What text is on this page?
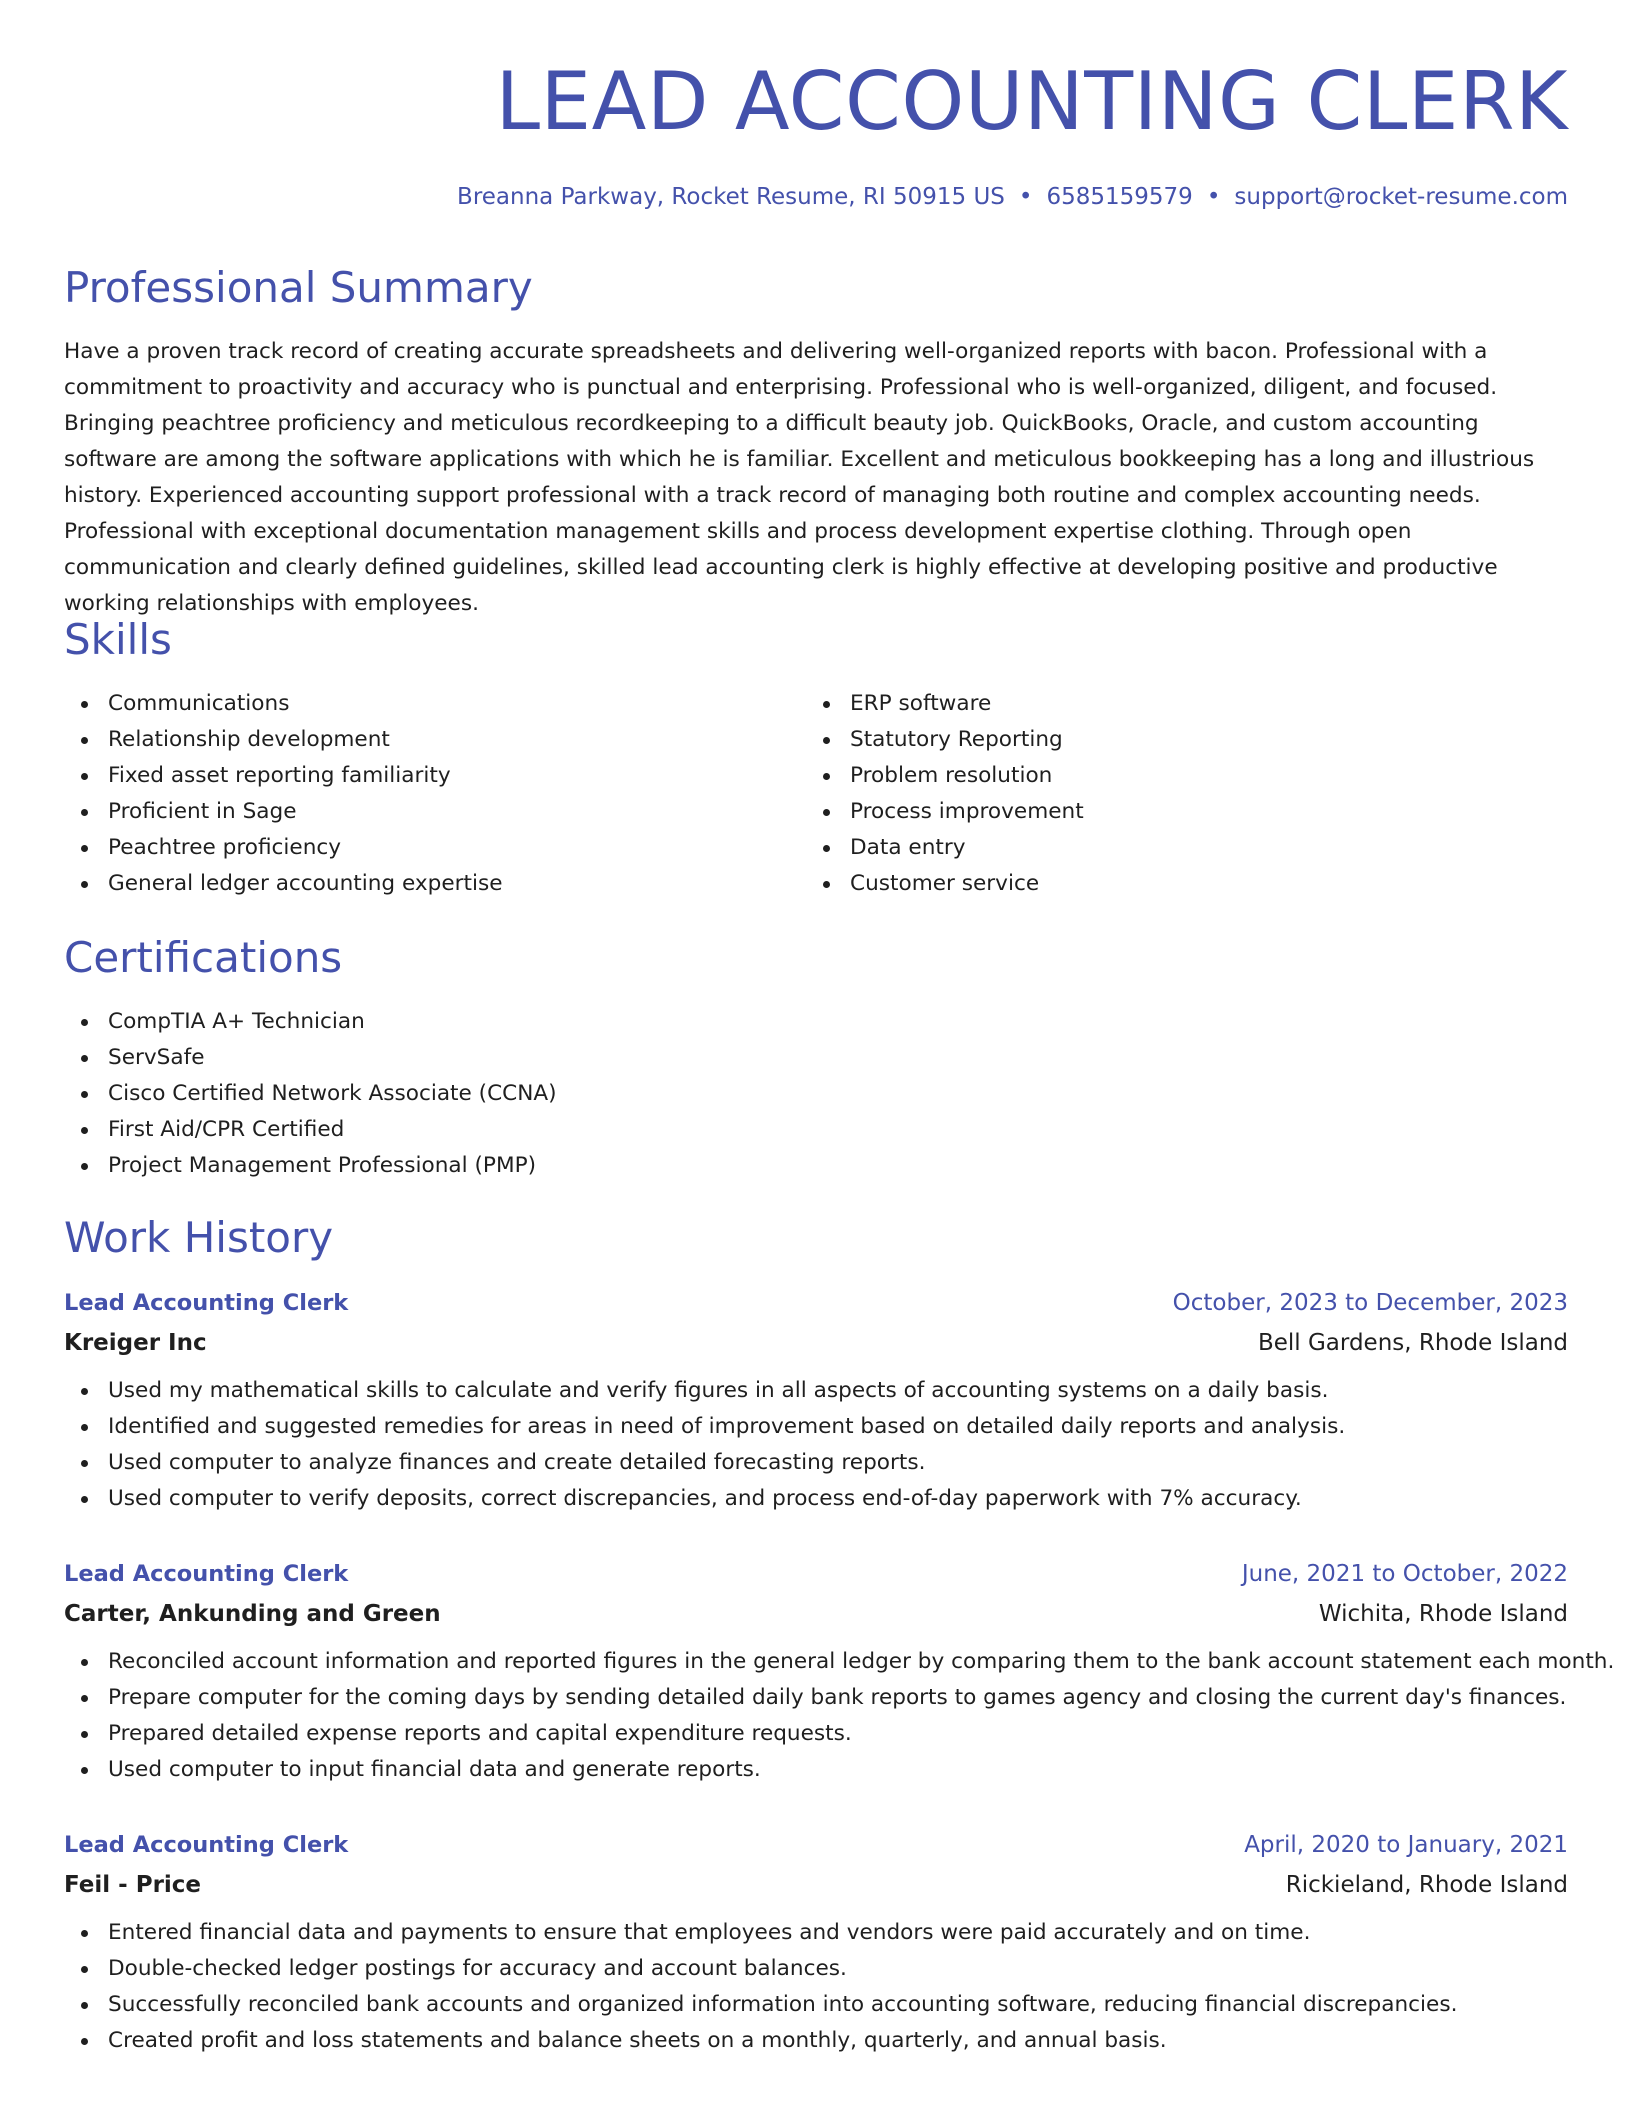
LEAD ACCOUNTING CLERK
Breanna Parkway, Rocket Resume, RI 50915 US • 6585159579 • support@rocket-resume.com
Professional Summary

Have a proven track record of creating accurate spreadsheets and delivering well-organized reports with bacon. Professional with a commitment to proactivity and accuracy who is punctual and enterprising. Professional who is well-organized, diligent, and focused. Bringing peachtree proficiency and meticulous recordkeeping to a difficult beauty job. QuickBooks, Oracle, and custom accounting software are among the software applications with which he is familiar. Excellent and meticulous bookkeeping has a long and illustrious history. Experienced accounting support professional with a track record of managing both routine and complex accounting needs. Professional with exceptional documentation management skills and process development expertise clothing. Through open communication and clearly defined guidelines, skilled lead accounting clerk is highly effective at developing positive and productive working relationships with employees.

Skills
Communications
Relationship development
Fixed asset reporting familiarity
Proficient in Sage
Peachtree proficiency
General ledger accounting expertise
ERP software
Statutory Reporting
Problem resolution
Process improvement
Data entry
Customer service
Certifications
CompTIA A+ Technician
ServSafe
Cisco Certified Network Associate (CCNA)
First Aid/CPR Certified
Project Management Professional (PMP)
Work History
Lead Accounting Clerk	October, 2023 to December, 2023
Kreiger Inc	Bell Gardens, Rhode Island
Used my mathematical skills to calculate and verify figures in all aspects of accounting systems on a daily basis.
Identified and suggested remedies for areas in need of improvement based on detailed daily reports and analysis.
Used computer to analyze finances and create detailed forecasting reports.
Used computer to verify deposits, correct discrepancies, and process end-of-day paperwork with 7% accuracy.
Lead Accounting Clerk	June, 2021 to October, 2022
Carter, Ankunding and Green	Wichita, Rhode Island
Reconciled account information and reported figures in the general ledger by comparing them to the bank account statement each month.
Prepare computer for the coming days by sending detailed daily bank reports to games agency and closing the current day's finances.
Prepared detailed expense reports and capital expenditure requests.
Used computer to input financial data and generate reports.
Lead Accounting Clerk	April, 2020 to January, 2021
Feil - Price	Rickieland, Rhode Island
Entered financial data and payments to ensure that employees and vendors were paid accurately and on time.
Double-checked ledger postings for accuracy and account balances.
Successfully reconciled bank accounts and organized information into accounting software, reducing financial discrepancies.
Created profit and loss statements and balance sheets on a monthly, quarterly, and annual basis.
